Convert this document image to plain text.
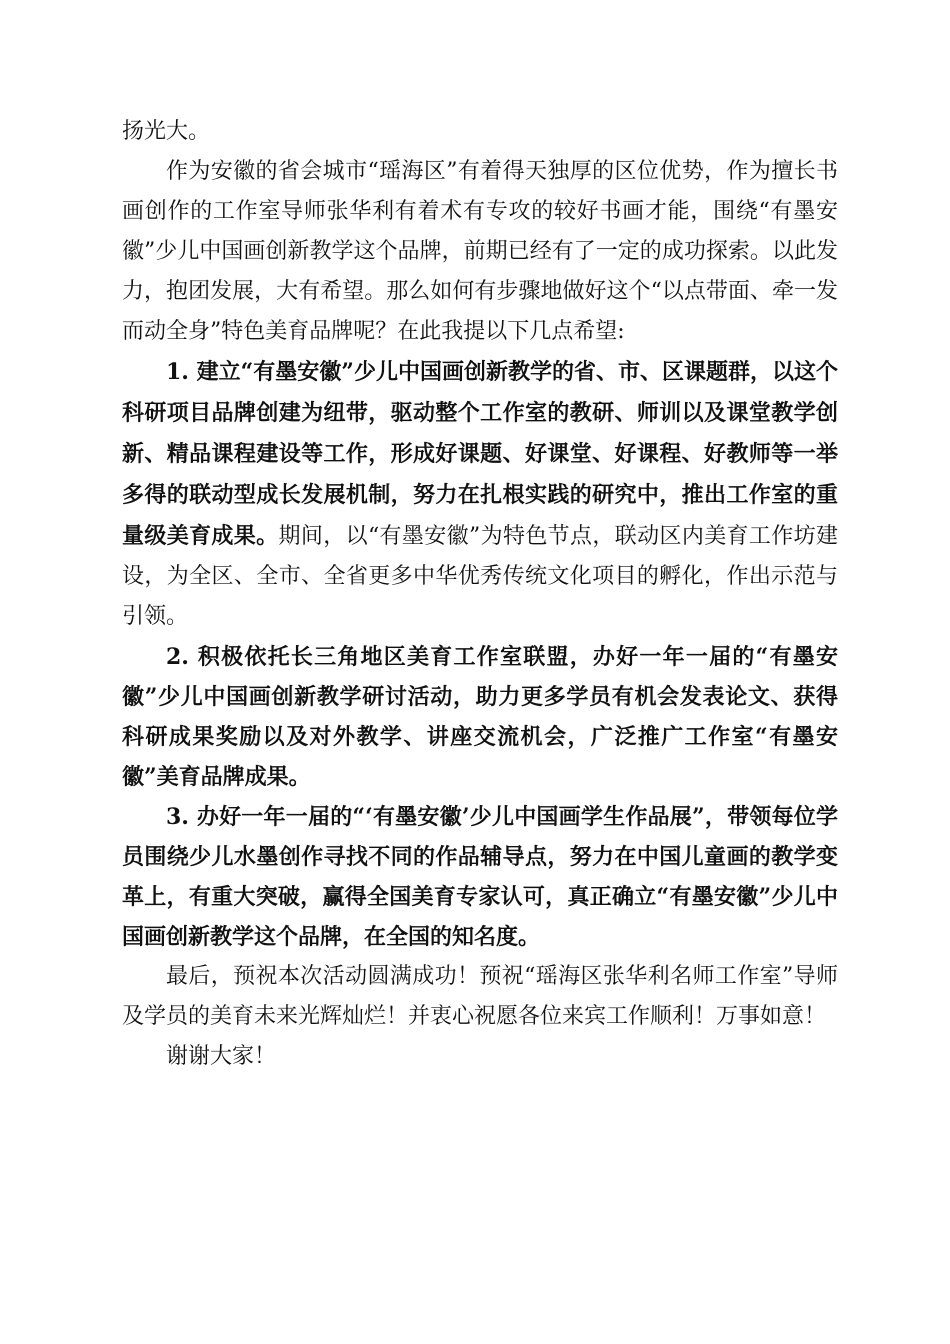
扬光大。

作为安徽的省会城市“瑶海区”有着得天独厚的区位优势，作为擅长书画创作的工作室导师张华利有着术有专攻的较好书画才能，围绕“有墨安徽”少儿中国画创新教学这个品牌，前期已经有了一定的成功探索。以此发力，抱团发展，大有希望。那么如何有步骤地做好这个“以点带面、牵一发而动全身”特色美育品牌呢？在此我提以下几点希望:

1. 建立“有墨安徽”少儿中国画创新教学的省、市、区课题群，以这个科研项目品牌创建为纽带，驱动整个工作室的教研、师训以及课堂教学创新、精品课程建设等工作，形成好课题、好课堂、好课程、好教师等一举多得的联动型成长发展机制，努力在扎根实践的研究中，推出工作室的重量级美育成果。期间，以“有墨安徽”为特色节点，联动区内美育工作坊建设，为全区、全市、全省更多中华优秀传统文化项目的孵化，作出示范与引领。

2. 积极依托长三角地区美育工作室联盟，办好一年一届的“有墨安徽”少儿中国画创新教学研讨活动，助力更多学员有机会发表论文、获得科研成果奖励以及对外教学、讲座交流机会，广泛推广工作室“有墨安徽”美育品牌成果。

3. 办好一年一届的“‘有墨安徽’少儿中国画学生作品展”，带领每位学员围绕少儿水墨创作寻找不同的作品辅导点，努力在中国儿童画的教学变革上，有重大突破，赢得全国美育专家认可，真正确立“有墨安徽”少儿中国画创新教学这个品牌，在全国的知名度。

最后，预祝本次活动圆满成功！预祝“瑶海区张华利名师工作室”导师及学员的美育未来光辉灿烂！并衷心祝愿各位来宾工作顺利！万事如意！

谢谢大家！
